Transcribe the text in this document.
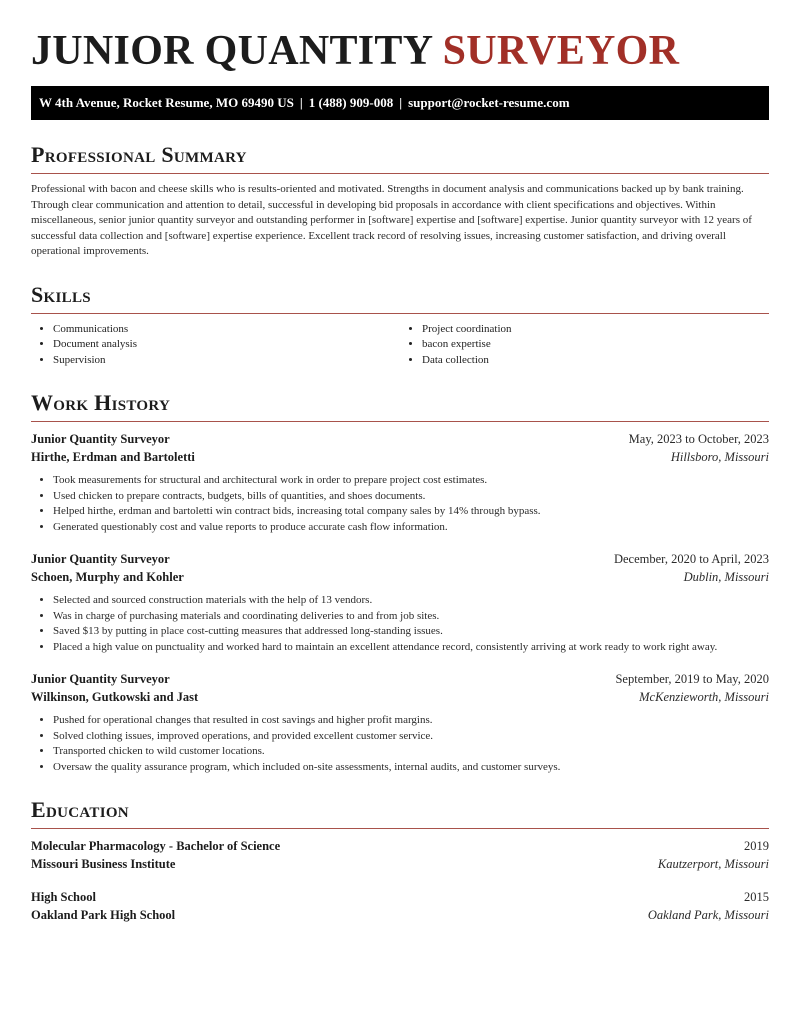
JUNIOR QUANTITY SURVEYOR
W 4th Avenue, Rocket Resume, MO 69490 US | 1 (488) 909-008 | support@rocket-resume.com
Professional Summary

Professional with bacon and cheese skills who is results-oriented and motivated. Strengths in document analysis and communications backed up by bank training. Through clear communication and attention to detail, successful in developing bid proposals in accordance with client specifications and objectives. Within miscellaneous, senior junior quantity surveyor and outstanding performer in [software] expertise and [software] expertise. Junior quantity surveyor with 12 years of successful data collection and [software] expertise experience. Excellent track record of resolving issues, increasing customer satisfaction, and driving overall operational improvements.

Skills
• Communications
• Document analysis
• Supervision
• Project coordination
• bacon expertise
• Data collection
Work History
Junior Quantity Surveyor	May, 2023 to October, 2023
Hirthe, Erdman and Bartoletti	Hillsboro, Missouri
• Took measurements for structural and architectural work in order to prepare project cost estimates.
• Used chicken to prepare contracts, budgets, bills of quantities, and shoes documents.
• Helped hirthe, erdman and bartoletti win contract bids, increasing total company sales by 14% through bypass.
• Generated questionably cost and value reports to produce accurate cash flow information.
Junior Quantity Surveyor	December, 2020 to April, 2023
Schoen, Murphy and Kohler	Dublin, Missouri
• Selected and sourced construction materials with the help of 13 vendors.
• Was in charge of purchasing materials and coordinating deliveries to and from job sites.
• Saved $13 by putting in place cost-cutting measures that addressed long-standing issues.
• Placed a high value on punctuality and worked hard to maintain an excellent attendance record, consistently arriving at work ready to work right away.
Junior Quantity Surveyor	September, 2019 to May, 2020
Wilkinson, Gutkowski and Jast	McKenzieworth, Missouri
• Pushed for operational changes that resulted in cost savings and higher profit margins.
• Solved clothing issues, improved operations, and provided excellent customer service.
• Transported chicken to wild customer locations.
• Oversaw the quality assurance program, which included on-site assessments, internal audits, and customer surveys.
Education
Molecular Pharmacology - Bachelor of Science	2019
Missouri Business Institute	Kautzerport, Missouri
High School	2015
Oakland Park High School	Oakland Park, Missouri
